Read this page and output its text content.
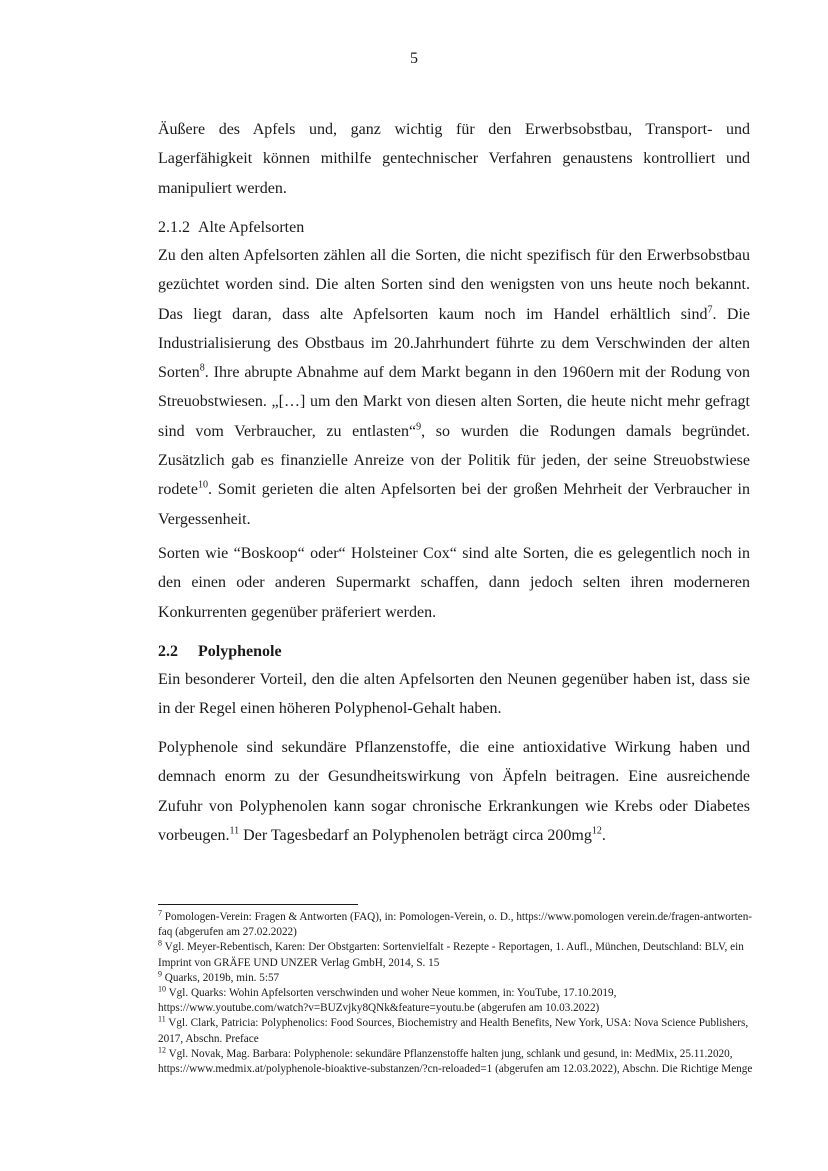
5

Äußere des Apfels und, ganz wichtig für den Erwerbsobstbau, Transport- und Lagerfähigkeit können mithilfe gentechnischer Verfahren genaustens kontrolliert und manipuliert werden.

2.1.2 Alte Apfelsorten

Zu den alten Apfelsorten zählen all die Sorten, die nicht spezifisch für den Erwerbsobstbau gezüchtet worden sind. Die alten Sorten sind den wenigsten von uns heute noch bekannt. Das liegt daran, dass alte Apfelsorten kaum noch im Handel erhältlich sind$^7$. Die Industrialisierung des Obstbaus im 20.Jahrhundert führte zu dem Verschwinden der alten Sorten$^8$. Ihre abrupte Abnahme auf dem Markt begann in den 1960ern mit der Rodung von Streuobstwiesen. „[…] um den Markt von diesen alten Sorten, die heute nicht mehr gefragt sind vom Verbraucher, zu entlasten“$^9$, so wurden die Rodungen damals begründet. Zusätzlich gab es finanzielle Anreize von der Politik für jeden, der seine Streuobstwiese rodete$^{10}$. Somit gerieten die alten Apfelsorten bei der großen Mehrheit der Verbraucher in Vergessenheit.

Sorten wie “Boskoop“ oder“ Holsteiner Cox“ sind alte Sorten, die es gelegentlich noch in den einen oder anderen Supermarkt schaffen, dann jedoch selten ihren moderneren Konkurrenten gegenüber präferiert werden.

2.2 Polyphenole

Ein besonderer Vorteil, den die alten Apfelsorten den Neunen gegenüber haben ist, dass sie in der Regel einen höheren Polyphenol-Gehalt haben.

Polyphenole sind sekundäre Pflanzenstoffe, die eine antioxidative Wirkung haben und demnach enorm zu der Gesundheitswirkung von Äpfeln beitragen. Eine ausreichende Zufuhr von Polyphenolen kann sogar chronische Erkrankungen wie Krebs oder Diabetes vorbeugen.$^{11}$ Der Tagesbedarf an Polyphenolen beträgt circa $200mg^{12}$.

$^7$ Pomologen-Verein: Fragen & Antworten (FAQ), in: Pomologen-Verein, o. D., https://www.pomologen verein.de/fragen-antworten-faq (abgerufen am 27.02.2022)

$^8$ Vgl. Meyer-Rebentisch, Karen: Der Obstgarten: Sortenvielfalt - Rezepte - Reportagen, 1. Aufl., München, Deutschland: BLV, ein Imprint von GRÄFE UND UNZER Verlag GmbH, 2014, S. 15

$^9$ Quarks, 2019b, min. 5:57

$^{10}$ Vgl. Quarks: Wohin Apfelsorten verschwinden und woher Neue kommen, in: YouTube, 17.10.2019, https://www.youtube.com/watch?v=BUZvjky8QNk&feature=youtu.be (abgerufen am 10.03.2022)

$^{11}$ Vgl. Clark, Patricia: Polyphenolics: Food Sources, Biochemistry and Health Benefits, New York, USA: Nova Science Publishers, 2017, Abschn. Preface

$^{12}$ Vgl. Novak, Mag. Barbara: Polyphenole: sekundäre Pflanzenstoffe halten jung, schlank und gesund, in: MedMix, 25.11.2020, https://www.medmix.at/polyphenole-bioaktive-substanzen/?cn-reloaded=1 (abgerufen am 12.03.2022), Abschn. Die Richtige Menge
